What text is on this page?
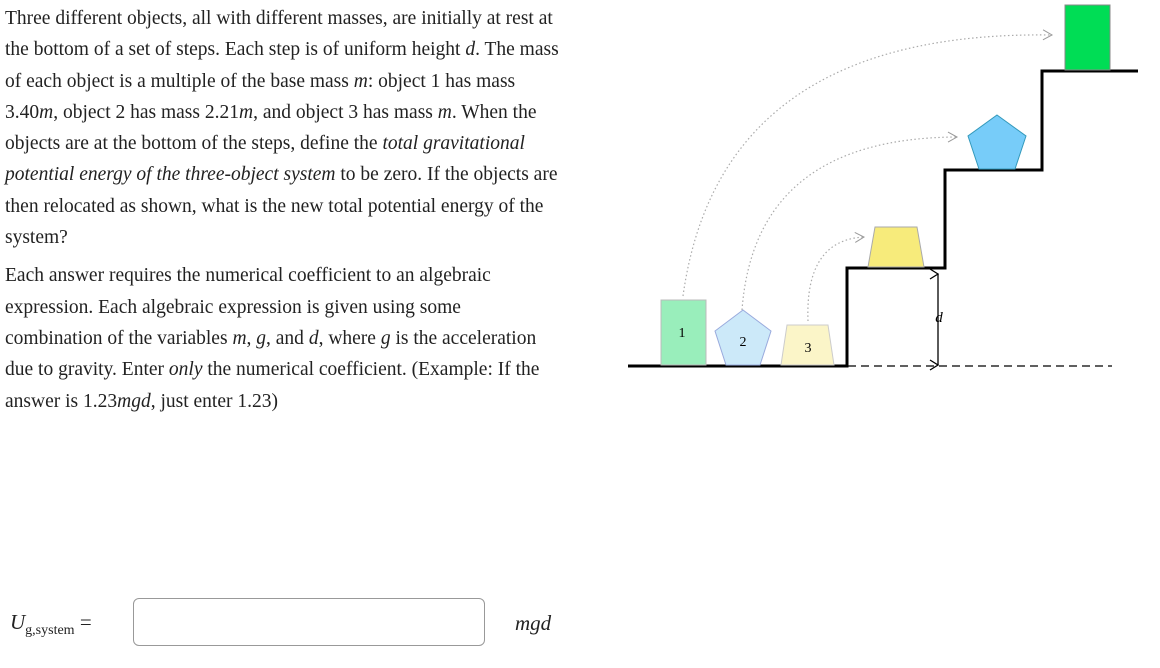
Three different objects, all with different masses, are initially at rest at the bottom of a set of steps. Each step is of uniform height d. The mass of each object is a multiple of the base mass m: object 1 has mass 3.40m, object 2 has mass 2.21m, and object 3 has mass m. When the objects are at the bottom of the steps, define the total gravitational potential energy of the three-object system to be zero. If the objects are then relocated as shown, what is the new total potential energy of the system?

Each answer requires the numerical coefficient to an algebraic expression. Each algebraic expression is given using some combination of the variables m, g, and d, where g is the acceleration due to gravity. Enter only the numerical coefficient. (Example: If the answer is 1.23mgd, just enter 1.23)

d
1
2	3
$U_{g,system}$ =	mgd
